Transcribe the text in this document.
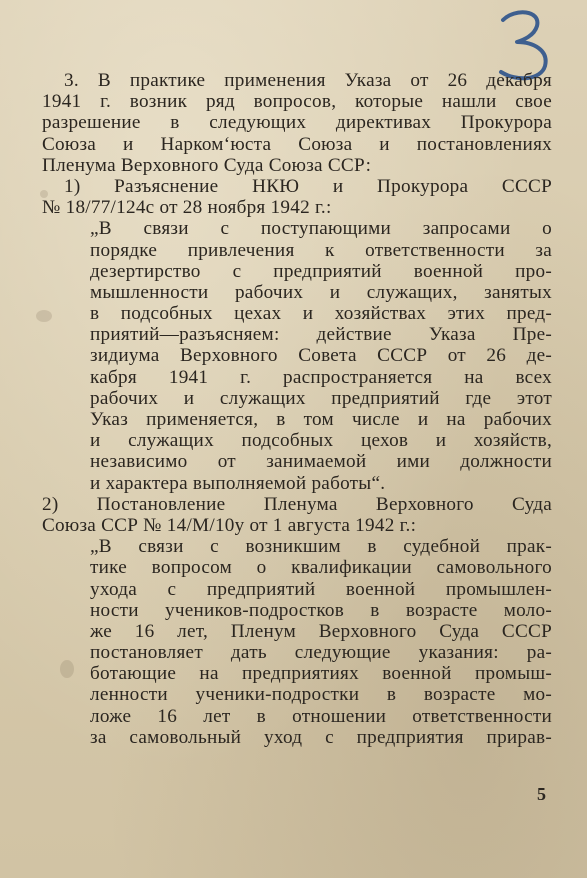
3. В практике применения Указа от 26 декабря
1941 г. возник ряд вопросов, которые нашли свое
разрешение в следующих директивах Прокурора
Союза и Нарком‘юста Союза и постановлениях
Пленума Верховного Суда Союза ССР:
1) Разъяснение НКЮ и Прокурора СССР
№ 18/77/124с от 28 ноября 1942 г.:
„В связи с поступающими запросами о
порядке привлечения к ответственности за
дезертирство с предприятий военной про-
мышленности рабочих и служащих, занятых
в подсобных цехах и хозяйствах этих пред-
приятий—разъясняем: действие Указа Пре-
зидиума Верховного Совета СССР от 26 де-
кабря 1941 г. распространяется на всех
рабочих и служащих предприятий где этот
Указ применяется, в том числе и на рабочих
и служащих подсобных цехов и хозяйств,
независимо от занимаемой ими должности
и характера выполняемой работы“.
2) Постановление Пленума Верховного Суда
Союза ССР № 14/М/10у от 1 августа 1942 г.:
„В связи с возникшим в судебной прак-
тике вопросом о квалификации самовольного
ухода с предприятий военной промышлен-
ности учеников-подростков в возрасте моло-
же 16 лет, Пленум Верховного Суда СССР
постановляет дать следующие указания: ра-
ботающие на предприятиях военной промыш-
ленности ученики-подростки в возрасте мо-
ложе 16 лет в отношении ответственности
за самовольный уход с предприятия прирав-
5
